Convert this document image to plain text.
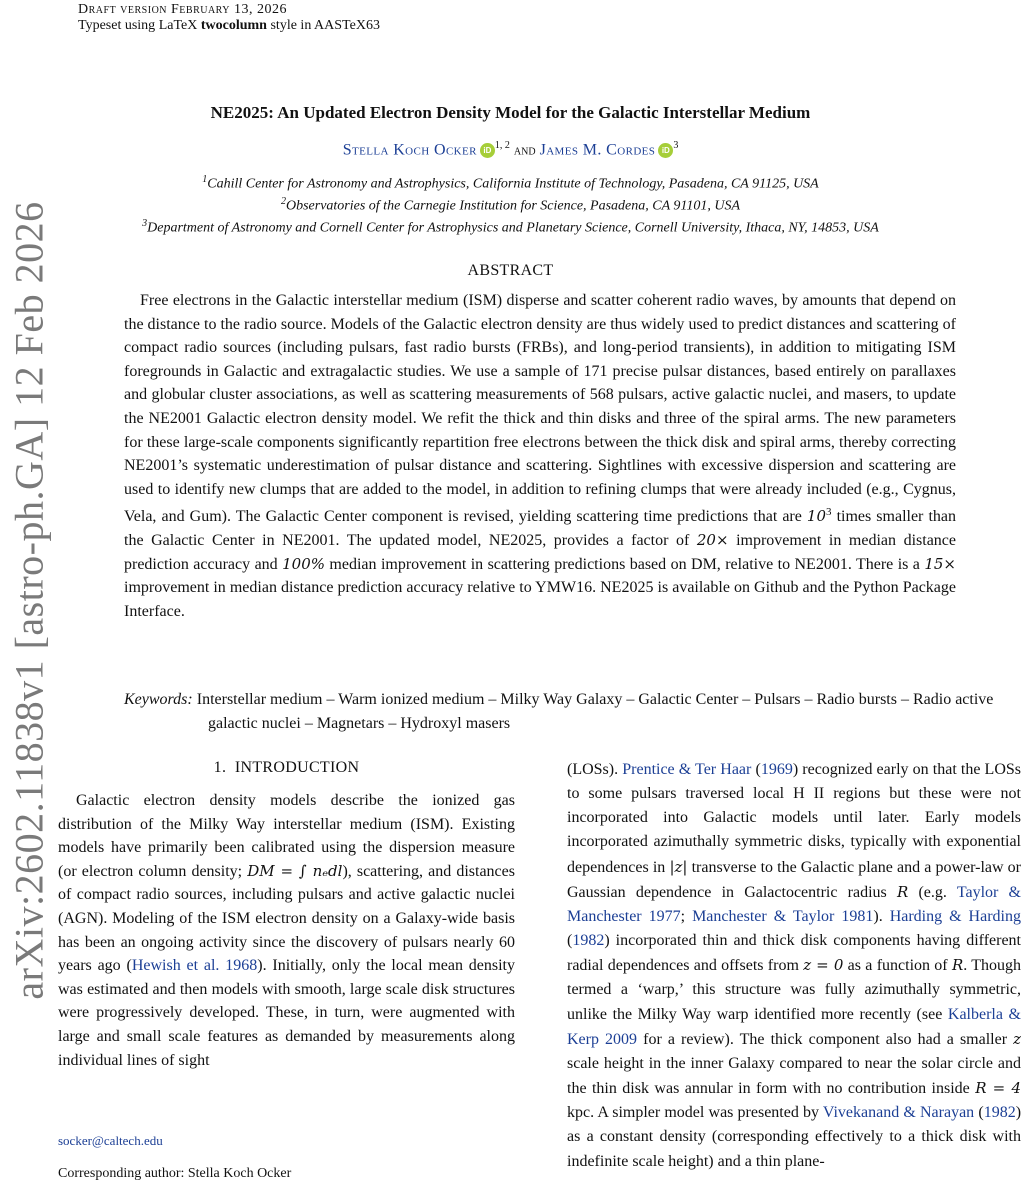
Draft version February 13, 2026
Typeset using LaTeX twocolumn style in AASTeX63
arXiv:2602.11838v1 [astro-ph.GA] 12 Feb 2026
NE2025: An Updated Electron Density Model for the Galactic Interstellar Medium
Stella Koch Ocker iD $^{1, 2}$ and James M. Cordes iD $^3$
$^1$Cahill Center for Astronomy and Astrophysics, California Institute of Technology, Pasadena, CA 91125, USA
$^2$Observatories of the Carnegie Institution for Science, Pasadena, CA 91101, USA
$^3$Department of Astronomy and Cornell Center for Astrophysics and Planetary Science, Cornell University, Ithaca, NY, 14853, USA
ABSTRACT

Free electrons in the Galactic interstellar medium (ISM) disperse and scatter coherent radio waves, by amounts that depend on the distance to the radio source. Models of the Galactic electron density are thus widely used to predict distances and scattering of compact radio sources (including pulsars, fast radio bursts (FRBs), and long-period transients), in addition to mitigating ISM foregrounds in Galactic and extragalactic studies. We use a sample of 171 precise pulsar distances, based entirely on parallaxes and globular cluster associations, as well as scattering measurements of 568 pulsars, active galactic nuclei, and masers, to update the NE2001 Galactic electron density model. We refit the thick and thin disks and three of the spiral arms. The new parameters for these large-scale components significantly repartition free electrons between the thick disk and spiral arms, thereby correcting NE2001’s systematic underestimation of pulsar distance and scattering. Sightlines with excessive dispersion and scattering are used to identify new clumps that are added to the model, in addition to refining clumps that were already included (e.g., Cygnus, Vela, and Gum). The Galactic Center component is revised, yielding scattering time predictions that are $10^3$ times smaller than the Galactic Center in NE2001. The updated model, NE2025, provides a factor of 20× improvement in median distance prediction accuracy and 100% median improvement in scattering predictions based on DM, relative to NE2001. There is a 15× improvement in median distance prediction accuracy relative to YMW16. NE2025 is available on Github and the Python Package Interface.

Keywords: Interstellar medium – Warm ionized medium – Milky Way Galaxy – Galactic Center – Pulsars – Radio bursts – Radio active galactic nuclei – Magnetars – Hydroxyl masers

1. INTRODUCTION

Galactic electron density models describe the ionized gas distribution of the Milky Way interstellar medium (ISM). Existing models have primarily been calibrated using the dispersion measure (or electron column density; DM = ∫ nₑdl), scattering, and distances of compact radio sources, including pulsars and active galactic nuclei (AGN). Modeling of the ISM electron density on a Galaxy-wide basis has been an ongoing activity since the discovery of pulsars nearly 60 years ago (Hewish et al. 1968). Initially, only the local mean density was estimated and then models with smooth, large scale disk structures were progressively developed. These, in turn, were augmented with large and small scale features as demanded by measurements along individual lines of sight

(LOSs). Prentice & Ter Haar (1969) recognized early on that the LOSs to some pulsars traversed local H II regions but these were not incorporated into Galactic models until later. Early models incorporated azimuthally symmetric disks, typically with exponential dependences in |z| transverse to the Galactic plane and a power-law or Gaussian dependence in Galactocentric radius R (e.g. Taylor & Manchester 1977; Manchester & Taylor 1981). Harding & Harding (1982) incorporated thin and thick disk components having different radial dependences and offsets from z = 0 as a function of R. Though termed a ‘warp,’ this structure was fully azimuthally symmetric, unlike the Milky Way warp identified more recently (see Kalberla & Kerp 2009 for a review). The thick component also had a smaller z scale height in the inner Galaxy compared to near the solar circle and the thin disk was annular in form with no contribution inside R = 4 kpc. A simpler model was presented by Vivekanand & Narayan (1982) as a constant density (corresponding effectively to a thick disk with indefinite scale height) and a thin plane-

socker@caltech.edu
Corresponding author: Stella Koch Ocker
